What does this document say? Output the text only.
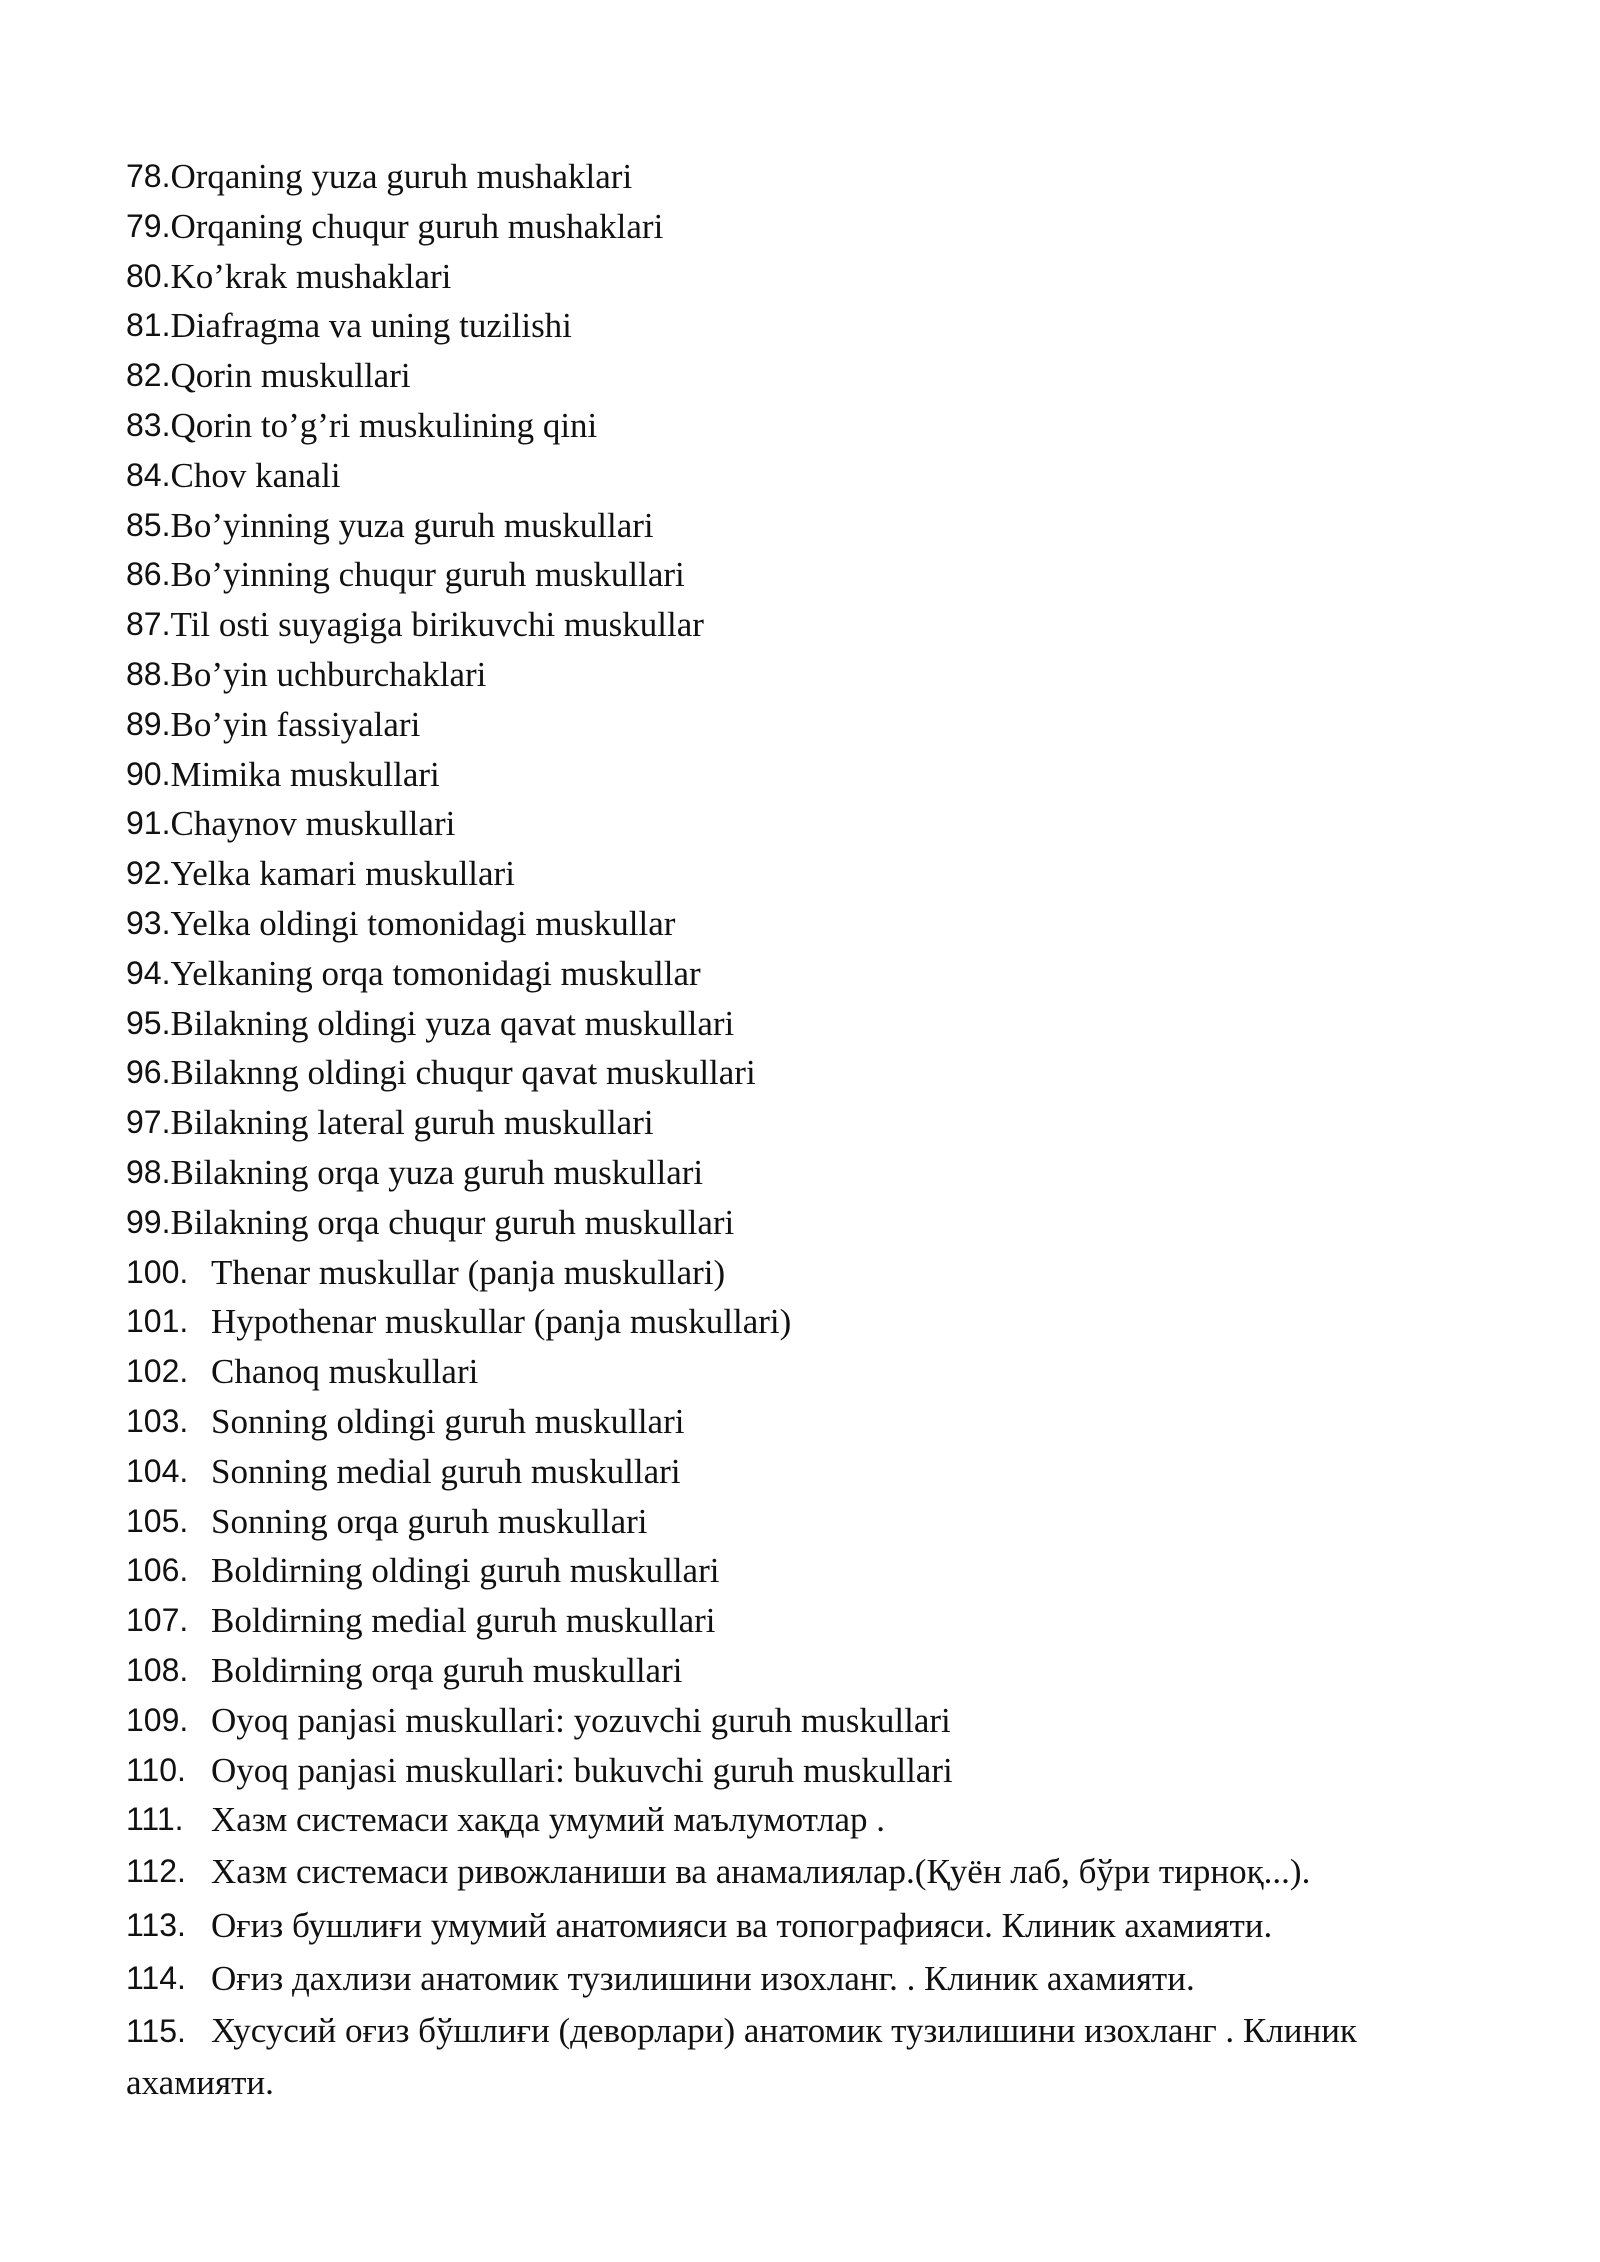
78. Orqaning yuza guruh mushaklari
79. Orqaning chuqur guruh mushaklari
80. Ko’krak mushaklari
81. Diafragma va uning tuzilishi
82. Qorin muskullari
83. Qorin to’g’ri muskulining qini
84. Chov kanali
85. Bo’yinning yuza guruh muskullari
86. Bo’yinning chuqur guruh muskullari
87. Til osti suyagiga birikuvchi muskullar
88. Bo’yin uchburchaklari
89. Bo’yin fassiyalari
90. Mimika muskullari
91. Chaynov muskullari
92. Yelka kamari muskullari
93. Yelka oldingi tomonidagi muskullar
94. Yelkaning orqa tomonidagi muskullar
95. Bilakning oldingi yuza qavat muskullari
96. Bilaknng oldingi chuqur qavat muskullari
97. Bilakning lateral guruh muskullari
98. Bilakning orqa yuza guruh muskullari
99. Bilakning orqa chuqur guruh muskullari
100. Thenar muskullar (panja muskullari)
101. Hypothenar muskullar (panja muskullari)
102. Chanoq muskullari
103. Sonning oldingi guruh muskullari
104. Sonning medial guruh muskullari
105. Sonning orqa guruh muskullari
106. Boldirning oldingi guruh muskullari
107. Boldirning medial guruh muskullari
108. Boldirning orqa guruh muskullari
109. Oyoq panjasi muskullari: yozuvchi guruh muskullari
110. Oyoq panjasi muskullari: bukuvchi guruh muskullari
111. Хазм системаси хақда умумий маълумотлар .
112. Хазм системаси ривожланиши ва анамалиялар.(Қуён лаб, бўри тирноқ...).
113. Оғиз бушлиғи умумий анатомияси ва топографияси. Клиник ахамияти.
114. Оғиз дахлизи анатомик тузилишини изохланг. . Клиник ахамияти.
115. Хусусий оғиз бўшлиғи (деворлари) анатомик тузилишини изохланг . Клиник
ахамияти.
